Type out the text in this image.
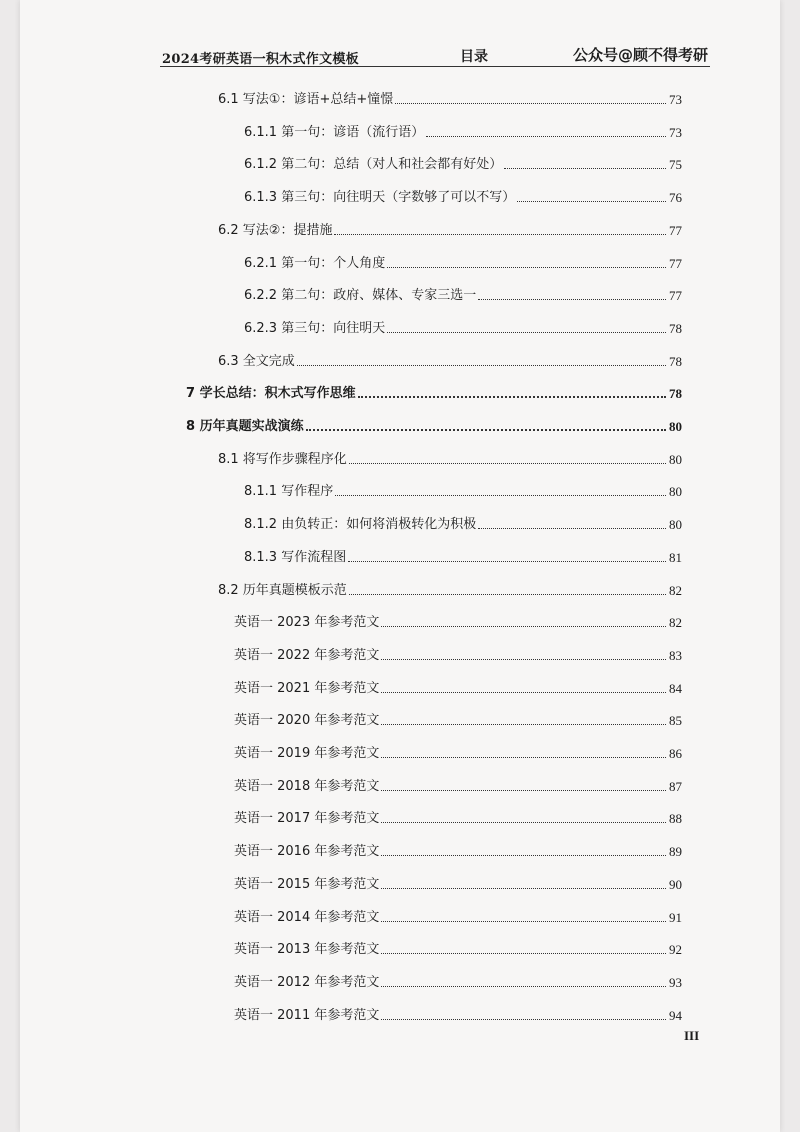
2024考研英语一积木式作文模板	目录	公众号@顾不得考研
6.1 写法①：谚语+总结+憧憬	73
6.1.1 第一句：谚语（流行语）	73
6.1.2 第二句：总结（对人和社会都有好处）	75
6.1.3 第三句：向往明天（字数够了可以不写）	76
6.2 写法②：提措施	77
6.2.1 第一句：个人角度	77
6.2.2 第二句：政府、媒体、专家三选一	77
6.2.3 第三句：向往明天	78
6.3 全文完成	78
7 学长总结：积木式写作思维	78
8 历年真题实战演练	80
8.1 将写作步骤程序化	80
8.1.1 写作程序	80
8.1.2 由负转正：如何将消极转化为积极	80
8.1.3 写作流程图	81
8.2 历年真题模板示范	82
英语一 2023 年参考范文	82
英语一 2022 年参考范文	83
英语一 2021 年参考范文	84
英语一 2020 年参考范文	85
英语一 2019 年参考范文	86
英语一 2018 年参考范文	87
英语一 2017 年参考范文	88
英语一 2016 年参考范文	89
英语一 2015 年参考范文	90
英语一 2014 年参考范文	91
英语一 2013 年参考范文	92
英语一 2012 年参考范文	93
英语一 2011 年参考范文	94
III
